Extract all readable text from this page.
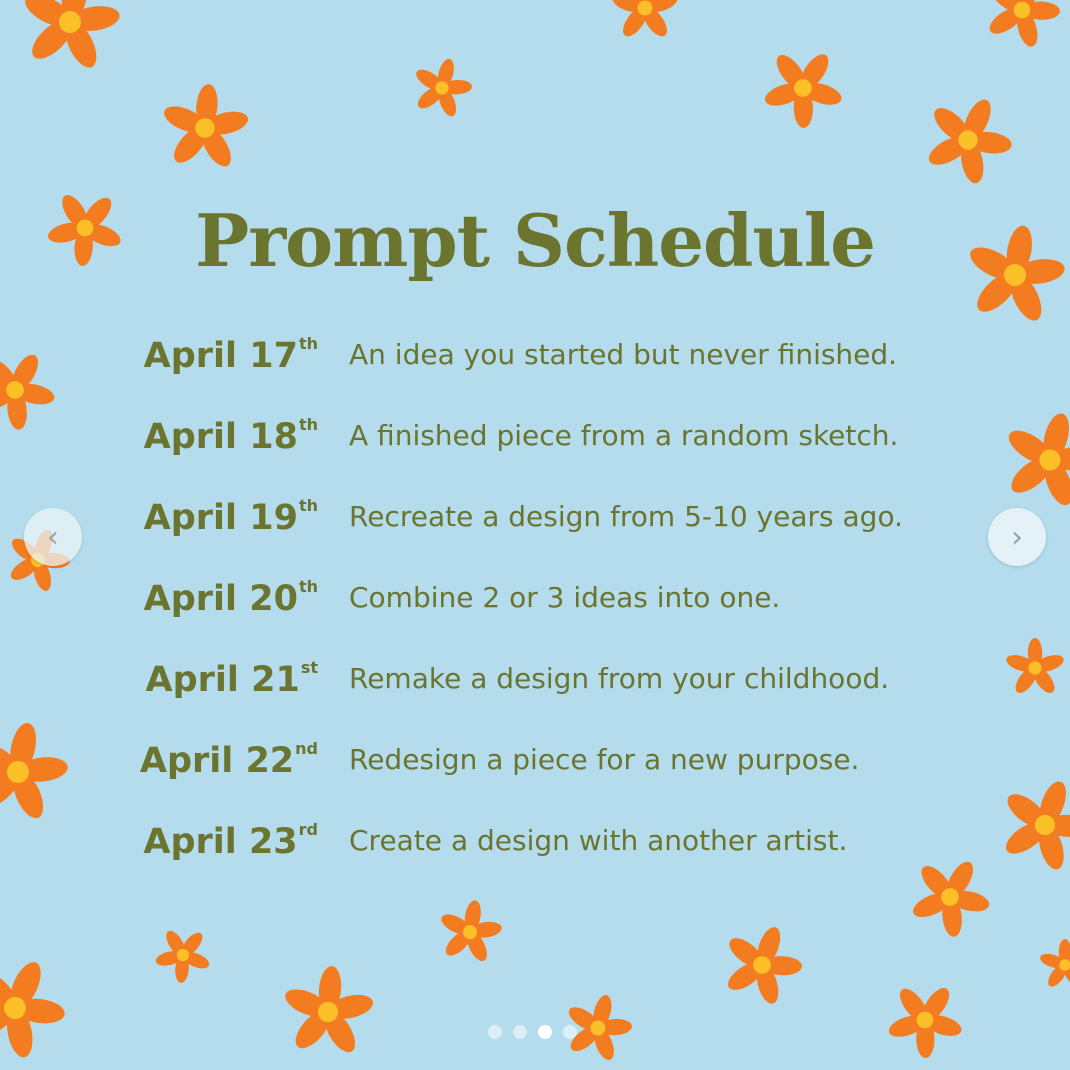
Prompt Schedule
April 17th An idea you started but never finished.
April 18th A finished piece from a random sketch.
April 19th Recreate a design from 5-10 years ago.
April 20th Combine 2 or 3 ideas into one.
April 21st Remake a design from your childhood.
April 22nd Redesign a piece for a new purpose.
April 23rd Create a design with another artist.
‹	›
